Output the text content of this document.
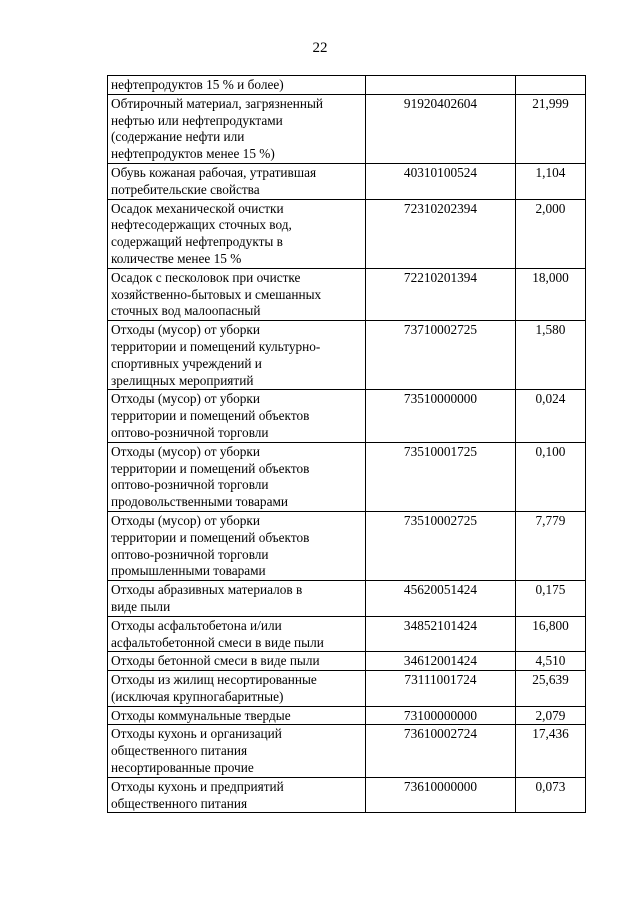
22
нефтепродуктов 15 % и более)		

Обтирочный материал, загрязненный
нефтью или нефтепродуктами
(содержание нефти или
нефтепродуктов менее 15 %)	91920402604	21,999

Обувь кожаная рабочая, утратившая
потребительские свойства	40310100524	1,104

Осадок механической очистки
нефтесодержащих сточных вод,
содержащий нефтепродукты в
количестве менее 15 %	72310202394	2,000

Осадок с песколовок при очистке
хозяйственно-бытовых и смешанных
сточных вод малоопасный	72210201394	18,000

Отходы (мусор) от уборки
территории и помещений культурно-
спортивных учреждений и
зрелищных мероприятий	73710002725	1,580

Отходы (мусор) от уборки
территории и помещений объектов
оптово-розничной торговли	73510000000	0,024

Отходы (мусор) от уборки
территории и помещений объектов
оптово-розничной торговли
продовольственными товарами	73510001725	0,100

Отходы (мусор) от уборки
территории и помещений объектов
оптово-розничной торговли
промышленными товарами	73510002725	7,779

Отходы абразивных материалов в
виде пыли	45620051424	0,175

Отходы асфальтобетона и/или
асфальтобетонной смеси в виде пыли	34852101424	16,800

Отходы бетонной смеси в виде пыли	34612001424	4,510

Отходы из жилищ несортированные
(исключая крупногабаритные)	73111001724	25,639

Отходы коммунальные твердые	73100000000	2,079

Отходы кухонь и организаций
общественного питания
несортированные прочие	73610002724	17,436

Отходы кухонь и предприятий
общественного питания	73610000000	0,073
